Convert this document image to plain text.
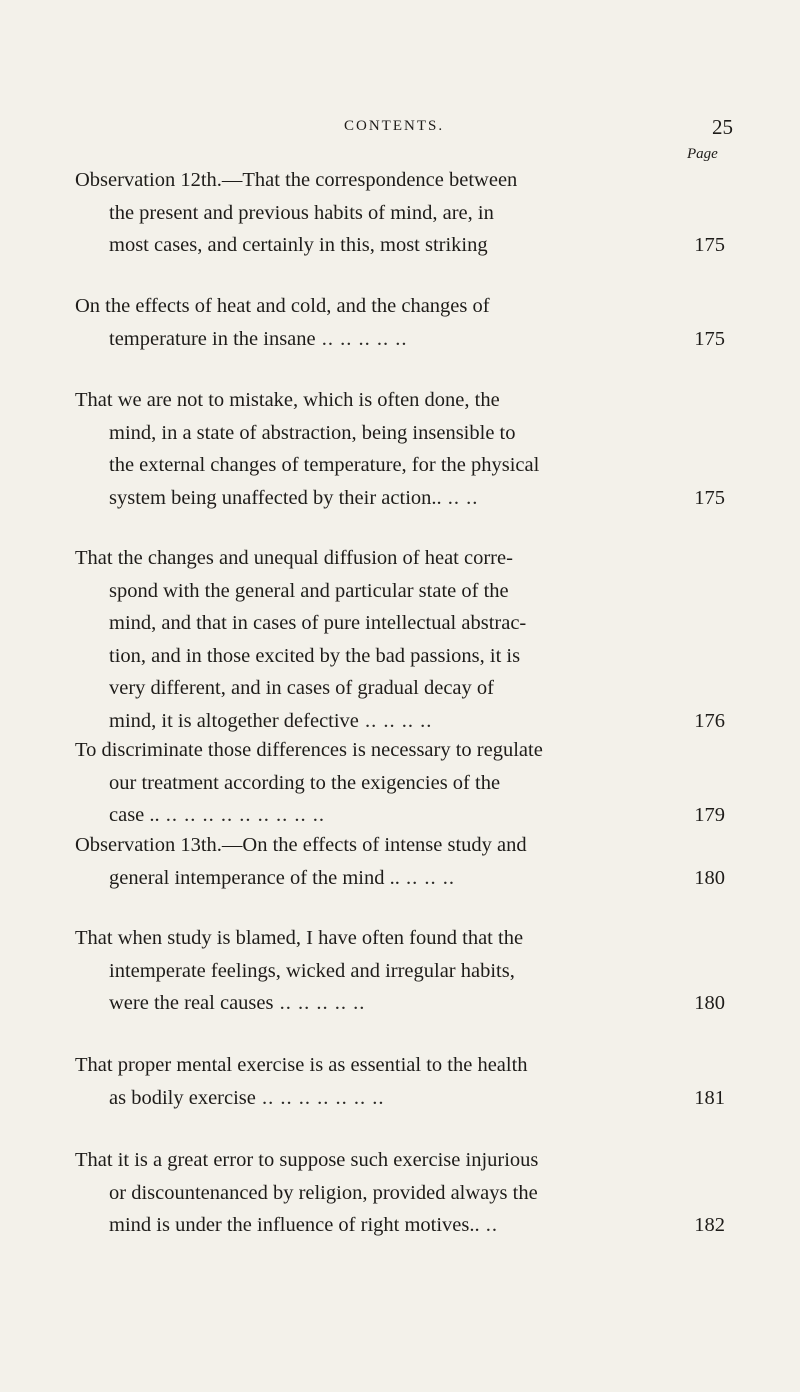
CONTENTS.	25
Page
Observation 12th.—That the correspondence between
the present and previous habits of mind, are, in
most cases, and certainly in this, most striking	175
On the effects of heat and cold, and the changes of
temperature in the insane .. .. .. .. ..	175
That we are not to mistake, which is often done, the
mind, in a state of abstraction, being insensible to
the external changes of temperature, for the physical
system being unaffected by their action.. .. ..	175
That the changes and unequal diffusion of heat corre-
spond with the general and particular state of the
mind, and that in cases of pure intellectual abstrac-
tion, and in those excited by the bad passions, it is
very different, and in cases of gradual decay of
mind, it is altogether defective .. .. .. ..	176
To discriminate those differences is necessary to regulate
our treatment according to the exigencies of the
case .. .. .. .. .. .. .. .. .. ..	179
Observation 13th.—On the effects of intense study and
general intemperance of the mind .. .. .. ..	180
That when study is blamed, I have often found that the
intemperate feelings, wicked and irregular habits,
were the real causes .. .. .. .. ..	180
That proper mental exercise is as essential to the health
as bodily exercise .. .. .. .. .. .. ..	181
That it is a great error to suppose such exercise injurious
or discountenanced by religion, provided always the
mind is under the influence of right motives.. ..	182
